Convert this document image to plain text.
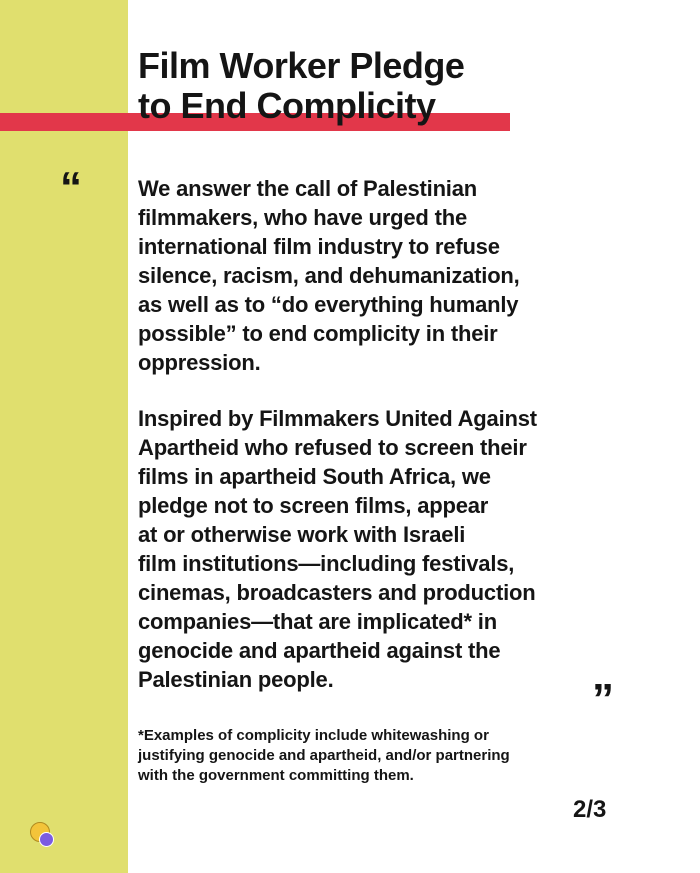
Film Worker Pledge
to End Complicity
“	We answer the call of Palestinian
filmmakers, who have urged the
international film industry to refuse
silence, racism, and dehumanization,
as well as to “do everything humanly
possible” to end complicity in their
oppression.

Inspired by Filmmakers United Against
Apartheid who refused to screen their
films in apartheid South Africa, we
pledge not to screen films, appear
at or otherwise work with Israeli
film institutions—including festivals,
cinemas, broadcasters and production
companies—that are implicated* in
genocide and apartheid against the
Palestinian people.	”

*Examples of complicity include whitewashing or
justifying genocide and apartheid, and/or partnering
with the government committing them.

2/3
